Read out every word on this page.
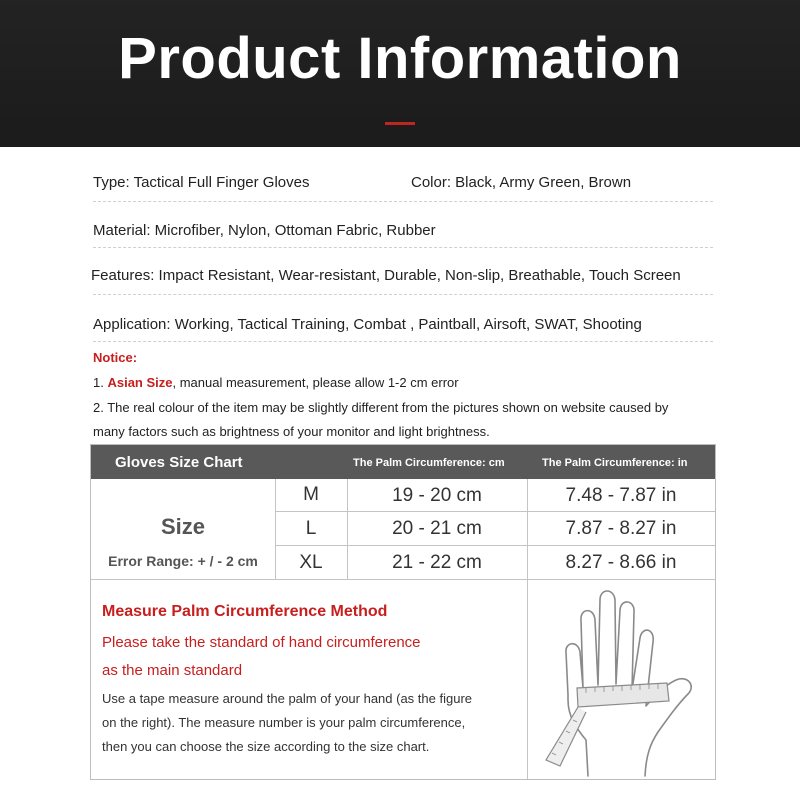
Product Information
Type: Tactical Full Finger Gloves	Color: Black, Army Green, Brown
Material: Microfiber, Nylon, Ottoman Fabric, Rubber
Features: Impact Resistant, Wear-resistant, Durable, Non-slip, Breathable, Touch Screen
Application: Working, Tactical Training, Combat , Paintball, Airsoft, SWAT, Shooting
Notice:
1. Asian Size, manual measurement, please allow 1-2 cm error
2. The real colour of the item may be slightly different from the pictures shown on website caused by
many factors such as brightness of your monitor and light brightness.
Gloves Size Chart	The Palm Circumference: cm	The Palm Circumference: in
Size
Error Range: + / - 2 cm
M	19 - 20 cm	7.48 - 7.87 in
L	20 - 21 cm	7.87 - 8.27 in
XL	21 - 22 cm	8.27 - 8.66 in
Measure Palm Circumference Method
Please take the standard of hand circumference
as the main standard
Use a tape measure around the palm of your hand (as the figure
on the right). The measure number is your palm circumference,
then you can choose the size according to the size chart.
